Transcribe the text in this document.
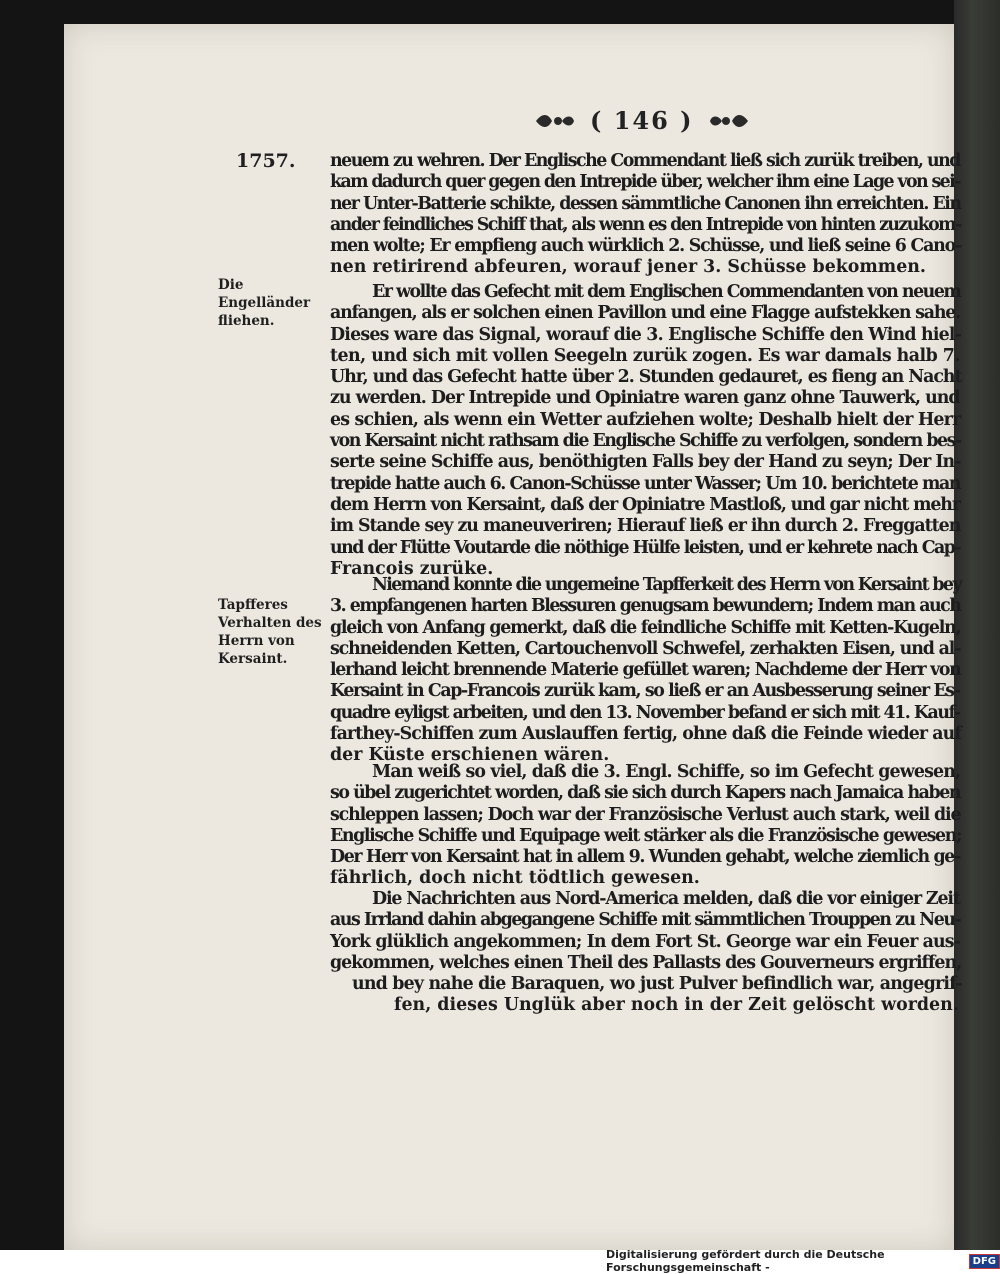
( 146 )
1757.
Die Engelländer fliehen.
Tapfferes Verhalten des Herrn von Kersaint.
neuem zu wehren. Der Englische Commendant ließ sich zurük treiben, und
kam dadurch quer gegen den Intrepide über, welcher ihm eine Lage von sei-
ner Unter-Batterie schikte, dessen sämmtliche Canonen ihn erreichten. Ein
ander feindliches Schiff that, als wenn es den Intrepide von hinten zuzukom-
men wolte; Er empfieng auch würklich 2. Schüsse, und ließ seine 6 Cano-
nen retirirend abfeuren, worauf jener 3. Schüsse bekommen.
Er wollte das Gefecht mit dem Englischen Commendanten von neuem
anfangen, als er solchen einen Pavillon und eine Flagge aufstekken sahe.
Dieses ware das Signal, worauf die 3. Englische Schiffe den Wind hiel-
ten, und sich mit vollen Seegeln zurük zogen. Es war damals halb 7.
Uhr, und das Gefecht hatte über 2. Stunden gedauret, es fieng an Nacht
zu werden. Der Intrepide und Opiniatre waren ganz ohne Tauwerk, und
es schien, als wenn ein Wetter aufziehen wolte; Deshalb hielt der Herr
von Kersaint nicht rathsam die Englische Schiffe zu verfolgen, sondern bes-
serte seine Schiffe aus, benöthigten Falls bey der Hand zu seyn; Der In-
trepide hatte auch 6. Canon-Schüsse unter Wasser; Um 10. berichtete man
dem Herrn von Kersaint, daß der Opiniatre Mastloß, und gar nicht mehr
im Stande sey zu maneuveriren; Hierauf ließ er ihn durch 2. Freggatten
und der Flütte Voutarde die nöthige Hülfe leisten, und er kehrete nach Cap-
Francois zurüke.
Niemand konnte die ungemeine Tapfferkeit des Herrn von Kersaint bey
3. empfangenen harten Blessuren genugsam bewundern; Indem man auch
gleich von Anfang gemerkt, daß die feindliche Schiffe mit Ketten-Kugeln,
schneidenden Ketten, Cartouchenvoll Schwefel, zerhakten Eisen, und al-
lerhand leicht brennende Materie gefüllet waren; Nachdeme der Herr von
Kersaint in Cap-Francois zurük kam, so ließ er an Ausbesserung seiner Es-
quadre eyligst arbeiten, und den 13. November befand er sich mit 41. Kauf-
farthey-Schiffen zum Auslauffen fertig, ohne daß die Feinde wieder auf
der Küste erschienen wären.
Man weiß so viel, daß die 3. Engl. Schiffe, so im Gefecht gewesen,
so übel zugerichtet worden, daß sie sich durch Kapers nach Jamaica haben
schleppen lassen; Doch war der Französische Verlust auch stark, weil die
Englische Schiffe und Equipage weit stärker als die Französische gewesen;
Der Herr von Kersaint hat in allem 9. Wunden gehabt, welche ziemlich ge-
fährlich, doch nicht tödtlich gewesen.
Die Nachrichten aus Nord-America melden, daß die vor einiger Zeit
aus Irrland dahin abgegangene Schiffe mit sämmtlichen Trouppen zu Neu-
York glüklich angekommen; In dem Fort St. George war ein Feuer aus-
gekommen, welches einen Theil des Pallasts des Gouverneurs ergriffen,
und bey nahe die Baraquen, wo just Pulver befindlich war, angegrif-
fen, dieses Unglük aber noch in der Zeit gelöscht worden.
Digitalisierung gefördert durch die Deutsche Forschungsgemeinschaft -	DFG
